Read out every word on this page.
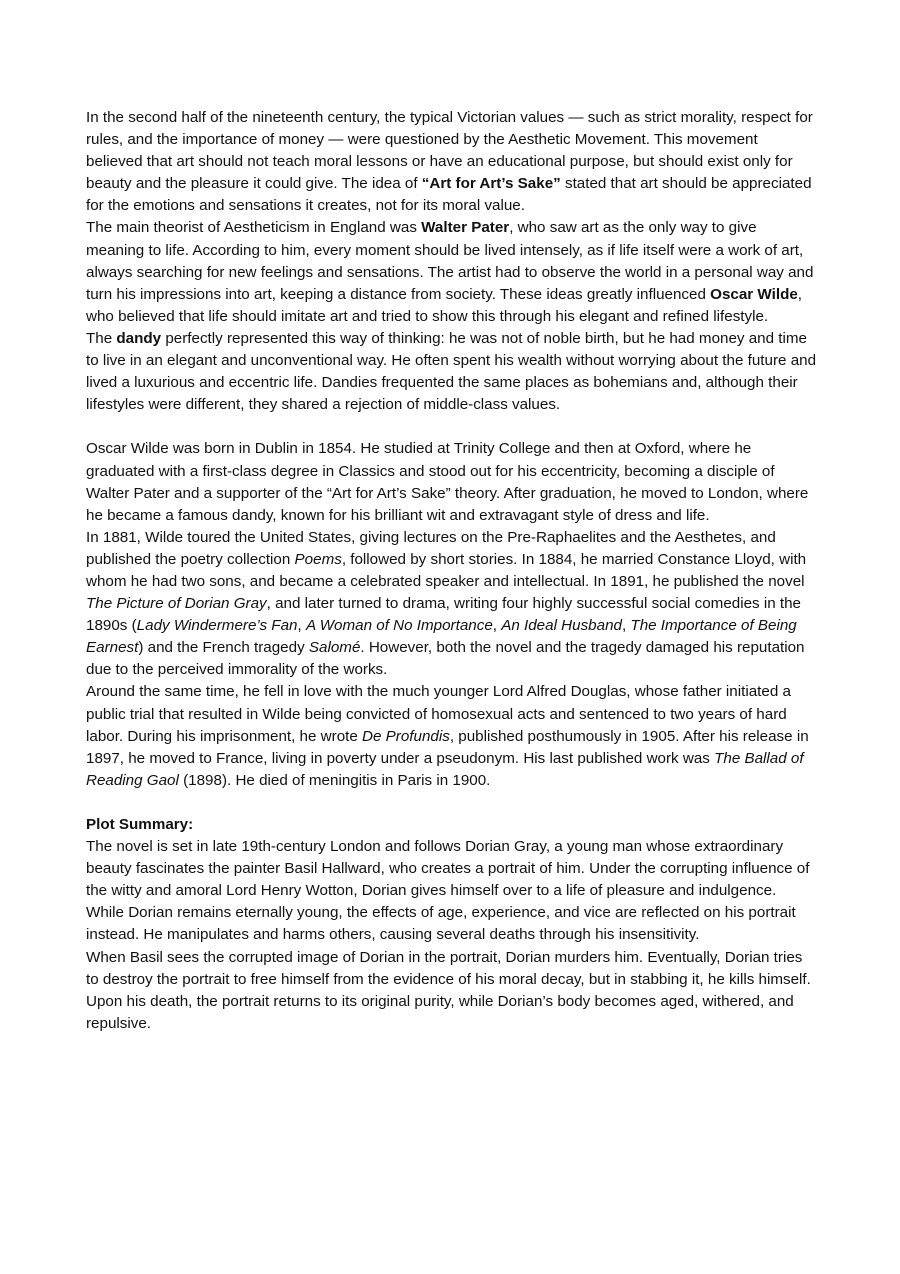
In the second half of the nineteenth century, the typical Victorian values — such as strict morality, respect for rules, and the importance of money — were questioned by the Aesthetic Movement. This movement believed that art should not teach moral lessons or have an educational purpose, but should exist only for beauty and the pleasure it could give. The idea of “Art for Art’s Sake” stated that art should be appreciated for the emotions and sensations it creates, not for its moral value.

The main theorist of Aestheticism in England was Walter Pater, who saw art as the only way to give meaning to life. According to him, every moment should be lived intensely, as if life itself were a work of art, always searching for new feelings and sensations. The artist had to observe the world in a personal way and turn his impressions into art, keeping a distance from society. These ideas greatly influenced Oscar Wilde, who believed that life should imitate art and tried to show this through his elegant and refined lifestyle.

The dandy perfectly represented this way of thinking: he was not of noble birth, but he had money and time to live in an elegant and unconventional way. He often spent his wealth without worrying about the future and lived a luxurious and eccentric life. Dandies frequented the same places as bohemians and, although their lifestyles were different, they shared a rejection of middle-class values.

Oscar Wilde was born in Dublin in 1854. He studied at Trinity College and then at Oxford, where he graduated with a first-class degree in Classics and stood out for his eccentricity, becoming a disciple of Walter Pater and a supporter of the “Art for Art’s Sake” theory. After graduation, he moved to London, where he became a famous dandy, known for his brilliant wit and extravagant style of dress and life.

In 1881, Wilde toured the United States, giving lectures on the Pre-Raphaelites and the Aesthetes, and published the poetry collection Poems, followed by short stories. In 1884, he married Constance Lloyd, with whom he had two sons, and became a celebrated speaker and intellectual. In 1891, he published the novel The Picture of Dorian Gray, and later turned to drama, writing four highly successful social comedies in the 1890s (Lady Windermere’s Fan, A Woman of No Importance, An Ideal Husband, The Importance of Being Earnest) and the French tragedy Salomé. However, both the novel and the tragedy damaged his reputation due to the perceived immorality of the works.

Around the same time, he fell in love with the much younger Lord Alfred Douglas, whose father initiated a public trial that resulted in Wilde being convicted of homosexual acts and sentenced to two years of hard labor. During his imprisonment, he wrote De Profundis, published posthumously in 1905. After his release in 1897, he moved to France, living in poverty under a pseudonym. His last published work was The Ballad of Reading Gaol (1898). He died of meningitis in Paris in 1900.

Plot Summary:

The novel is set in late 19th-century London and follows Dorian Gray, a young man whose extraordinary beauty fascinates the painter Basil Hallward, who creates a portrait of him. Under the corrupting influence of the witty and amoral Lord Henry Wotton, Dorian gives himself over to a life of pleasure and indulgence. While Dorian remains eternally young, the effects of age, experience, and vice are reflected on his portrait instead. He manipulates and harms others, causing several deaths through his insensitivity.

When Basil sees the corrupted image of Dorian in the portrait, Dorian murders him. Eventually, Dorian tries to destroy the portrait to free himself from the evidence of his moral decay, but in stabbing it, he kills himself. Upon his death, the portrait returns to its original purity, while Dorian’s body becomes aged, withered, and repulsive.
